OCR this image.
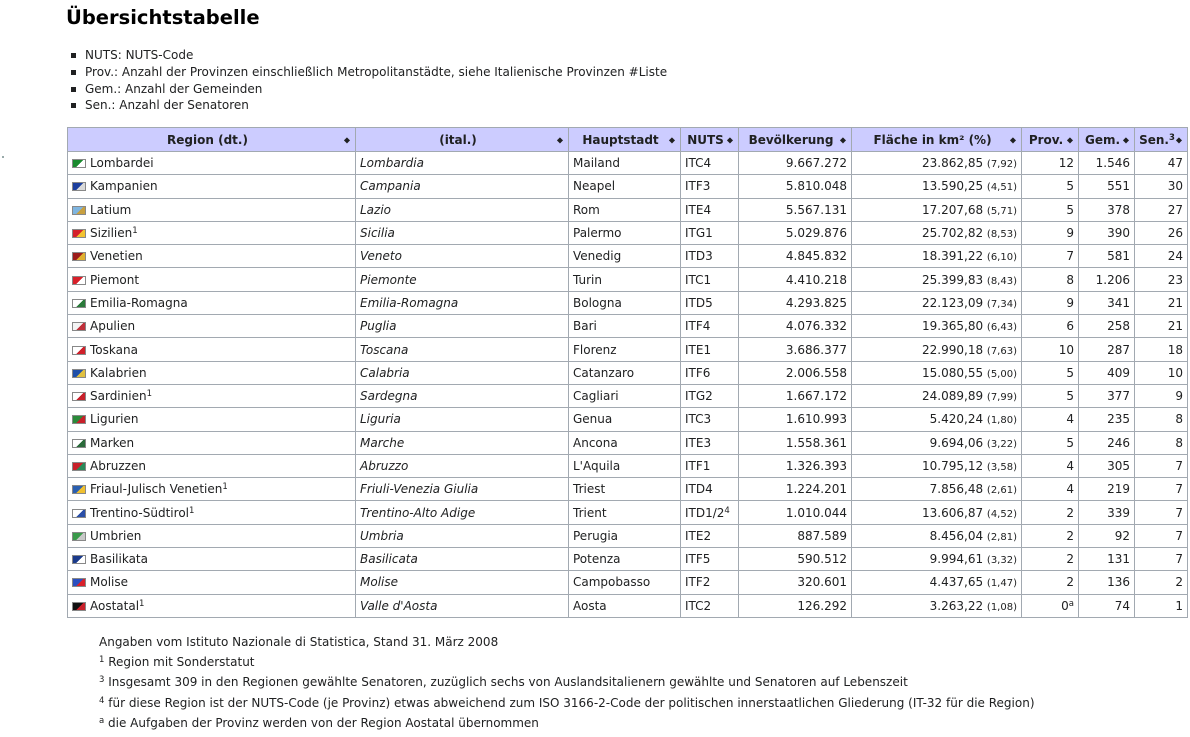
Übersichtstabelle
NUTS: NUTS-Code
Prov.: Anzahl der Provinzen einschließlich Metropolitanstädte, siehe Italienische Provinzen #Liste
Gem.: Anzahl der Gemeinden
Sen.: Anzahl der Senatoren
Region (dt.) ◆	(ital.) ◆	Hauptstadt ◆	NUTS ◆	Bevölkerung ◆	Fläche in km² (%) ◆	Prov. ◆	Gem. ◆	Sen.$^3$ ◆

Lombardei	Lombardia	Mailand	ITC4	9.667.272	23.862,85 (7,92)	12	1.546	47
Kampanien	Campania	Neapel	ITF3	5.810.048	13.590,25 (4,51)	5	551	30
Latium	Lazio	Rom	ITE4	5.567.131	17.207,68 (5,71)	5	378	27
Sizilien$^1$	Sicilia	Palermo	ITG1	5.029.876	25.702,82 (8,53)	9	390	26
Venetien	Veneto	Venedig	ITD3	4.845.832	18.391,22 (6,10)	7	581	24
Piemont	Piemonte	Turin	ITC1	4.410.218	25.399,83 (8,43)	8	1.206	23
Emilia-Romagna	Emilia-Romagna	Bologna	ITD5	4.293.825	22.123,09 (7,34)	9	341	21
Apulien	Puglia	Bari	ITF4	4.076.332	19.365,80 (6,43)	6	258	21
Toskana	Toscana	Florenz	ITE1	3.686.377	22.990,18 (7,63)	10	287	18
Kalabrien	Calabria	Catanzaro	ITF6	2.006.558	15.080,55 (5,00)	5	409	10
Sardinien$^1$	Sardegna	Cagliari	ITG2	1.667.172	24.089,89 (7,99)	5	377	9
Ligurien	Liguria	Genua	ITC3	1.610.993	5.420,24 (1,80)	4	235	8
Marken	Marche	Ancona	ITE3	1.558.361	9.694,06 (3,22)	5	246	8
Abruzzen	Abruzzo	L'Aquila	ITF1	1.326.393	10.795,12 (3,58)	4	305	7
Friaul-Julisch Venetien$^1$	Friuli-Venezia Giulia	Triest	ITD4	1.224.201	7.856,48 (2,61)	4	219	7
Trentino-Südtirol$^1$	Trentino-Alto Adige	Trient	$ITD1/2^4$	1.010.044	13.606,87 (4,52)	2	339	7
Umbrien	Umbria	Perugia	ITE2	887.589	8.456,04 (2,81)	2	92	7
Basilikata	Basilicata	Potenza	ITF5	590.512	9.994,61 (3,32)	2	131	7
Molise	Molise	Campobasso	ITF2	320.601	4.437,65 (1,47)	2	136	2
Aostatal$^1$	Valle d'Aosta	Aosta	ITC2	126.292	3.263,22 (1,08)	0$^a$	74	1
Angaben vom Istituto Nazionale di Statistica, Stand 31. März 2008
$^1$ Region mit Sonderstatut
$^3$ Insgesamt 309 in den Regionen gewählte Senatoren, zuzüglich sechs von Auslandsitalienern gewählte und Senatoren auf Lebenszeit
$^4$ für diese Region ist der NUTS-Code (je Provinz) etwas abweichend zum ISO 3166-2-Code der politischen innerstaatlichen Gliederung (IT-32 für die Region)
$^a$ die Aufgaben der Provinz werden von der Region Aostatal übernommen
